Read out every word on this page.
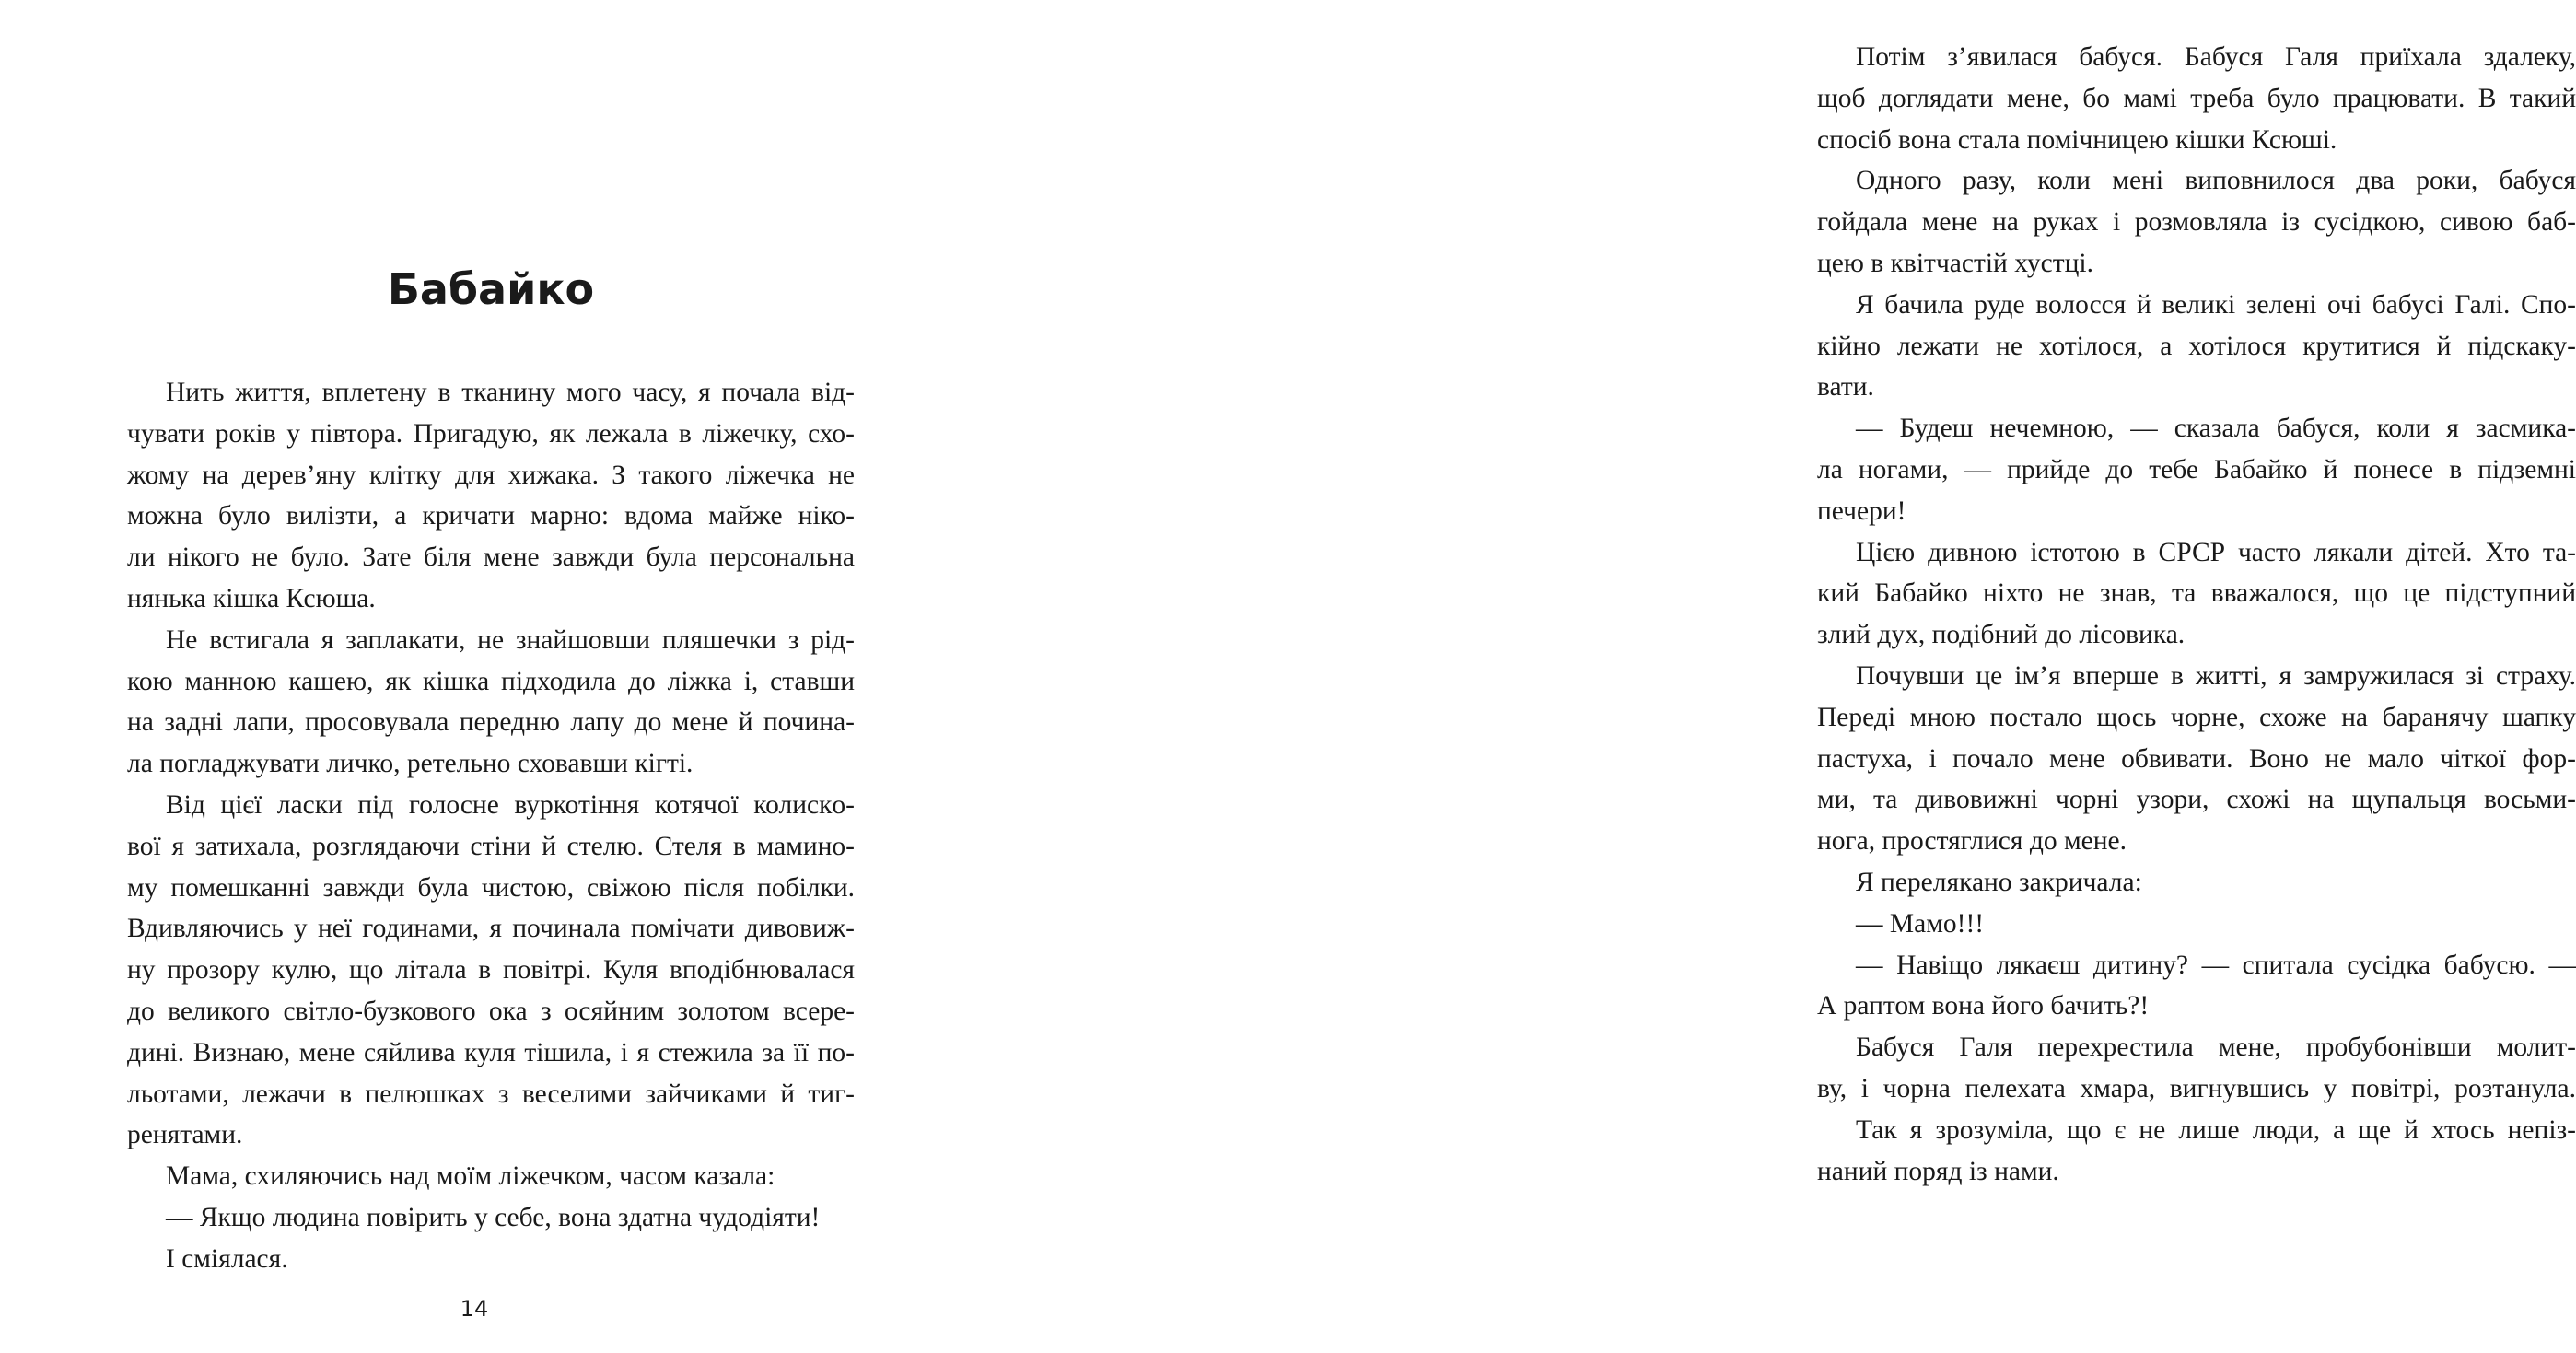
Бабайко
Нить життя, вплетену в тканину мого часу, я почала від-
чувати років у півтора. Пригадую, як лежала в ліжечку, схо-
жому на дерев’яну клітку для хижака. З такого ліжечка не
можна було вилізти, а кричати марно: вдома майже ніко-
ли нікого не було. Зате біля мене завжди була персональна
нянька кішка Ксюша.
Не встигала я заплакати, не знайшовши пляшечки з рід-
кою манною кашею, як кішка підходила до ліжка і, ставши
на задні лапи, просовувала передню лапу до мене й почина-
ла погладжувати личко, ретельно сховавши кігті.
Від цієї ласки під голосне вуркотіння котячої колискo-
вої я затихала, розглядаючи стіни й стелю. Стеля в мамино-
му помешканні завжди була чистою, свіжою після побілки.
Вдивляючись у неї годинами, я починала помічати дивовиж-
ну прозору кулю, що літала в повітрі. Куля вподібнювалася
до великого світло-бузкового ока з осяйним золотом всере-
дині. Визнаю, мене сяйлива куля тішила, і я стежила за її по-
льотами, лежачи в пелюшках з веселими зайчиками й тиг-
ренятами.
Мама, схиляючись над моїм ліжечком, часом казала:
— Якщо людина повірить у себе, вона здатна чудодіяти!
І сміялася.
14
Потім з’явилася бабуся. Бабуся Галя приїхала здалеку,
щоб доглядати мене, бо мамі треба було працювати. В такий
спосіб вона стала помічницею кішки Ксюші.
Одного разу, коли мені виповнилося два роки, бабуся
гойдала мене на руках і розмовляла із сусідкою, сивою баб-
цею в квітчастій хустці.
Я бачила руде волосся й великі зелені очі бабусі Галі. Спо-
кійно лежати не хотілося, а хотілося крутитися й підскаку-
вати.
— Будеш нечемною, — сказала бабуся, коли я засмика-
ла ногами, — прийде до тебе Бабайко й понесе в підземні
печери!
Цією дивною істотою в СРСР часто лякали дітей. Хто та-
кий Бабайко ніхто не знав, та вважалося, що це підступний
злий дух, подібний до лісовика.
Почувши це ім’я вперше в житті, я замружилася зі страху.
Переді мною постало щось чорне, схоже на баранячу шапку
пастуха, і почало мене обвивати. Воно не мало чіткої фор-
ми, та дивовижні чорні узори, схожі на щупальця восьми-
нога, простяглися до мене.
Я перелякано закричала:
— Мамо!!!
— Навіщо лякаєш дитину? — спитала сусідка бабусю. —
А раптом вона його бачить?!
Бабуся Галя перехрестила мене, пробубонівши молит-
ву, і чорна пелехата хмара, вигнувшись у повітрі, розтанула.
Так я зрозуміла, що є не лише люди, а ще й хтось непіз-
наний поряд із нами.
